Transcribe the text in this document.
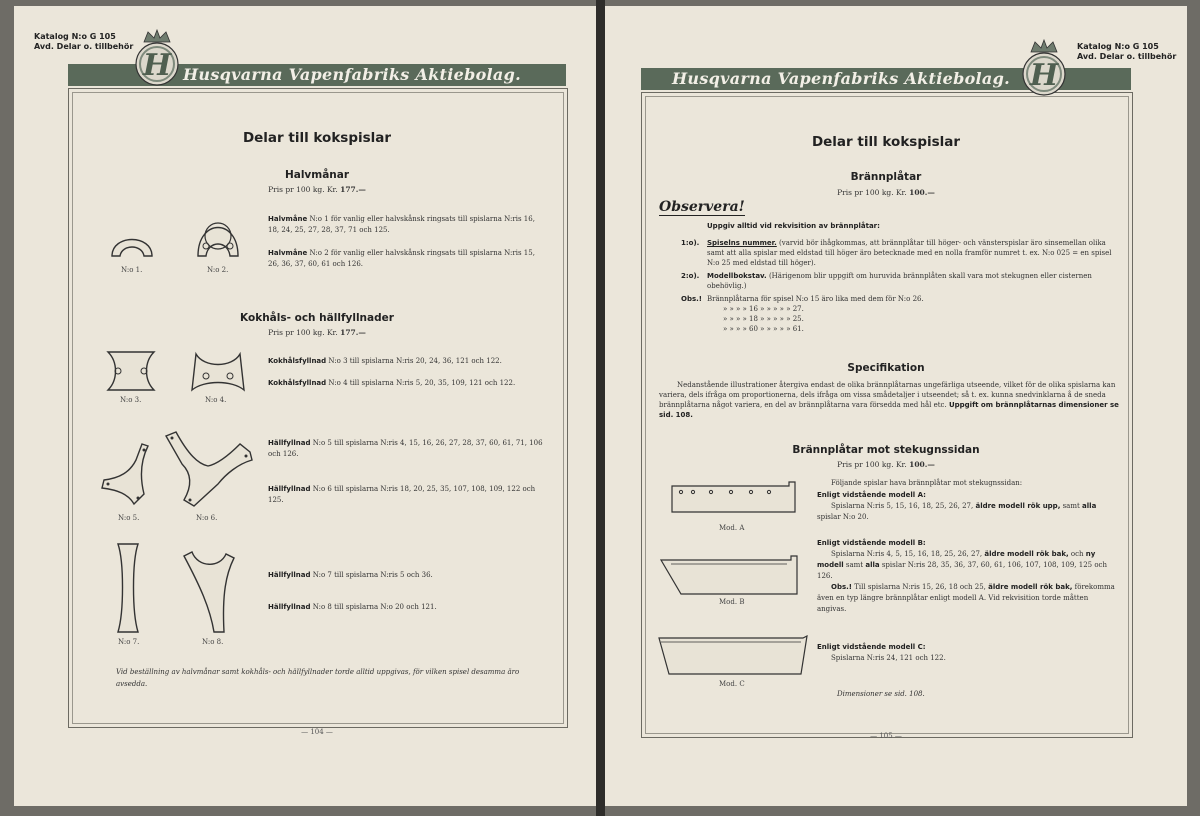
Katalog N:o G 105
Avd. Delar o. tillbehör
Husqvarna Vapenfabriks Aktiebolag.
H
Delar till kokspislar
Halvmånar
Pris pr 100 kg. Kr. 177.—
N:o 1.	N:o 2.
Halvmåne N:o 1 för vanlig eller halvskånsk ringsats till spislarna N:ris 16, 18, 24, 25, 27, 28, 37, 71 och 125.
Halvmåne N:o 2 för vanlig eller halvskånsk ringsats till spislarna N:ris 15, 26, 36, 37, 60, 61 och 126.
Kokhåls- och hällfyllnader
Pris pr 100 kg. Kr. 177.—
N:o 3.	N:o 4.
Kokhålsfyllnad N:o 3 till spislarna N:ris 20, 24, 36, 121 och 122.
Kokhålsfyllnad N:o 4 till spislarna N:ris 5, 20, 35, 109, 121 och 122.
N:o 5.	N:o 6.
Hällfyllnad N:o 5 till spislarna N:ris 4, 15, 16, 26, 27, 28, 37, 60, 61, 71, 106 och 126.
Hällfyllnad N:o 6 till spislarna N:ris 18, 20, 25, 35, 107, 108, 109, 122 och 125.
N:o 7.	N:o 8.
Hällfyllnad N:o 7 till spislarna N:ris 5 och 36.
Hällfyllnad N:o 8 till spislarna N:o 20 och 121.
Vid beställning av halvmånar samt kokhåls- och hällfyllnader torde alltid uppgivas, för vilken spisel desamma äro avsedda.
— 104 —
Katalog N:o G 105
Avd. Delar o. tillbehör
Husqvarna Vapenfabriks Aktiebolag. H
Delar till kokspislar
Brännplåtar
Pris pr 100 kg. Kr. 100.—
Observera!
Uppgiv alltid vid rekvisition av brännplåtar:
1:o). Spiselns nummer. (varvid bör ihågkommas, att brännplåtar till höger- och vänsterspislar äro sinsemellan olika samt att alla spislar med eldstad till höger äro betecknade med en nolla framför numret t. ex. N:o 025 = en spisel N:o 25 med eldstad till höger).
2:o). Modellbokstav. (Härigenom blir uppgift om huruvida brännplåten skall vara mot stekugnen eller cisternen obehövlig.)
Obs.! Brännplåtarna för spisel N:o 15 äro lika med dem för N:o 26.
» » » » 16 » » » » » 27.
» » » » 18 » » » » » 25.
» » » » 60 » » » » » 61.
Specifikation
Nedanstående illustrationer återgiva endast de olika brännplåtarnas ungefärliga utseende, vilket för de olika spislarna kan variera, dels ifråga om proportionerna, dels ifråga om vissa smådetaljer i utseendet; så t. ex. kunna snedvinklarna å de sneda brännplåtarna något variera, en del av brännplåtarna vara försedda med hål etc. Uppgift om brännplåtarnas dimensioner se sid. 108.
Brännplåtar mot stekugnssidan
Pris pr 100 kg. Kr. 100.—
Mod. A
Mod. B
Mod. C
Följande spislar hava brännplåtar mot stekugnssidan:
Enligt vidstående modell A:
Spislarna N:ris 5, 15, 16, 18, 25, 26, 27, äldre modell rök upp, samt alla spislar N:o 20.
Enligt vidstående modell B:
Spislarna N:ris 4, 5, 15, 16, 18, 25, 26, 27, äldre modell rök bak, och ny modell samt alla spislar N:ris 28, 35, 36, 37, 60, 61, 106, 107, 108, 109, 125 och 126.
Obs.! Till spislarna N:ris 15, 26, 18 och 25, äldre modell rök bak, förekomma även en typ längre brännplåtar enligt modell A. Vid rekvisition torde måtten angivas.
Enligt vidstående modell C:
Spislarna N:ris 24, 121 och 122.
Dimensioner se sid. 108.
— 105 —
